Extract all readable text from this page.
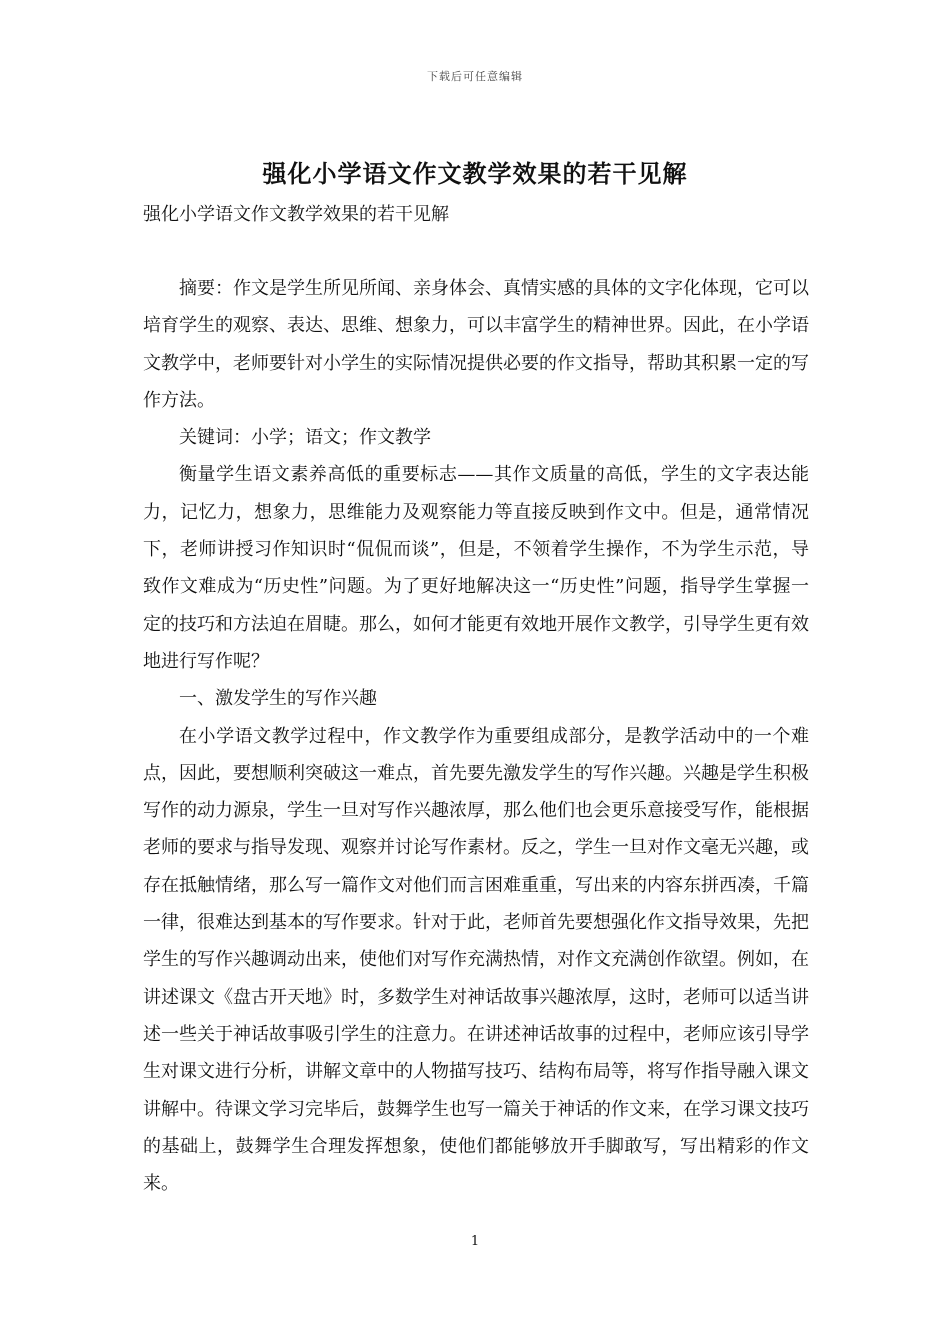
下载后可任意编辑
强化小学语文作文教学效果的若干见解

强化小学语文作文教学效果的若干见解

摘要：作文是学生所见所闻、亲身体会、真情实感的具体的文字化体现，它可以培育学生的观察、表达、思维、想象力，可以丰富学生的精神世界。因此，在小学语文教学中，老师要针对小学生的实际情况提供必要的作文指导，帮助其积累一定的写作方法。

关键词：小学；语文；作文教学

衡量学生语文素养高低的重要标志——其作文质量的高低，学生的文字表达能力，记忆力，想象力，思维能力及观察能力等直接反映到作文中。但是，通常情况下，老师讲授习作知识时“侃侃而谈”，但是，不领着学生操作，不为学生示范，导致作文难成为“历史性”问题。为了更好地解决这一“历史性”问题，指导学生掌握一定的技巧和方法迫在眉睫。那么，如何才能更有效地开展作文教学，引导学生更有效地进行写作呢？

一、激发学生的写作兴趣

在小学语文教学过程中，作文教学作为重要组成部分，是教学活动中的一个难点，因此，要想顺利突破这一难点，首先要先激发学生的写作兴趣。兴趣是学生积极写作的动力源泉，学生一旦对写作兴趣浓厚，那么他们也会更乐意接受写作，能根据老师的要求与指导发现、观察并讨论写作素材。反之，学生一旦对作文毫无兴趣，或存在抵触情绪，那么写一篇作文对他们而言困难重重，写出来的内容东拼西凑，千篇一律，很难达到基本的写作要求。针对于此，老师首先要想强化作文指导效果，先把学生的写作兴趣调动出来，使他们对写作充满热情，对作文充满创作欲望。例如，在讲述课文《盘古开天地》时，多数学生对神话故事兴趣浓厚，这时，老师可以适当讲述一些关于神话故事吸引学生的注意力。在讲述神话故事的过程中，老师应该引导学生对课文进行分析，讲解文章中的人物描写技巧、结构布局等，将写作指导融入课文讲解中。待课文学习完毕后，鼓舞学生也写一篇关于神话的作文来，在学习课文技巧的基础上，鼓舞学生合理发挥想象，使他们都能够放开手脚敢写，写出精彩的作文来。

1
